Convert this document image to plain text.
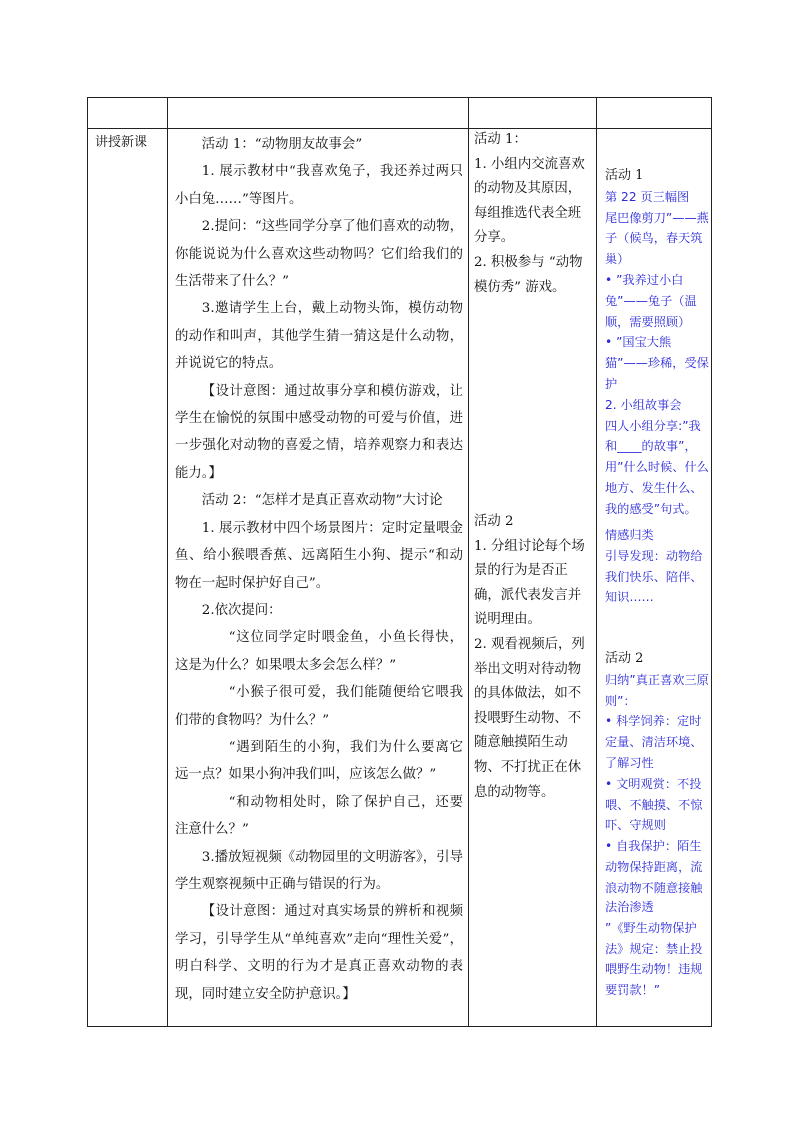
讲授新课	活动 1：“动物朋友故事会”

1. 展示教材中“我喜欢兔子，我还养过两只小白兔……”等图片。

2.提问：“这些同学分享了他们喜欢的动物，你能说说为什么喜欢这些动物吗？它们给我们的生活带来了什么？”

3.邀请学生上台，戴上动物头饰，模仿动物的动作和叫声，其他学生猜一猜这是什么动物，并说说它的特点。

【设计意图：通过故事分享和模仿游戏，让学生在愉悦的氛围中感受动物的可爱与价值，进一步强化对动物的喜爱之情，培养观察力和表达能力。】

活动 2：“怎样才是真正喜欢动物”大讨论

1. 展示教材中四个场景图片：定时定量喂金鱼、给小猴喂香蕉、远离陌生小狗、提示“和动物在一起时保护好自己”。

2.依次提问：

“这位同学定时喂金鱼，小鱼长得快，这是为什么？如果喂太多会怎么样？”

“小猴子很可爱，我们能随便给它喂我们带的食物吗？为什么？”

“遇到陌生的小狗，我们为什么要离它远一点？如果小狗冲我们叫，应该怎么做？”

“和动物相处时，除了保护自己，还要注意什么？”

3.播放短视频《动物园里的文明游客》，引导学生观察视频中正确与错误的行为。

【设计意图：通过对真实场景的辨析和视频学习，引导学生从“单纯喜欢”走向“理性关爱”，明白科学、文明的行为才是真正喜欢动物的表现，同时建立安全防护意识。】

活动 1：

1. 小组内交流喜欢的动物及其原因，每组推选代表全班分享。

2. 积极参与 “动物模仿秀” 游戏。

活动 2

1. 分组讨论每个场景的行为是否正确，派代表发言并说明理由。

2. 观看视频后，列举出文明对待动物的具体做法，如不投喂野生动物、不随意触摸陌生动物、不打扰正在休息的动物等。

活动 1

第 22 页三幅图

尾巴像剪刀”——燕子（候鸟，春天筑巢）

• ”我养过小白兔”——兔子（温顺，需要照顾）

• ”国宝大熊猫”——珍稀，受保护

2. 小组故事会

四人小组分享:”我和____的故事”，用”什么时候、什么地方、发生什么、我的感受”句式。

情感归类

引导发现：动物给我们快乐、陪伴、知识……

活动 2

归纳”真正喜欢三原则”：

• 科学饲养：定时定量、清洁环境、了解习性

• 文明观赏：不投喂、不触摸、不惊吓、守规则

• 自我保护：陌生动物保持距离，流浪动物不随意接触

法治渗透

”《野生动物保护法》规定：禁止投喂野生动物！违规要罚款！”
